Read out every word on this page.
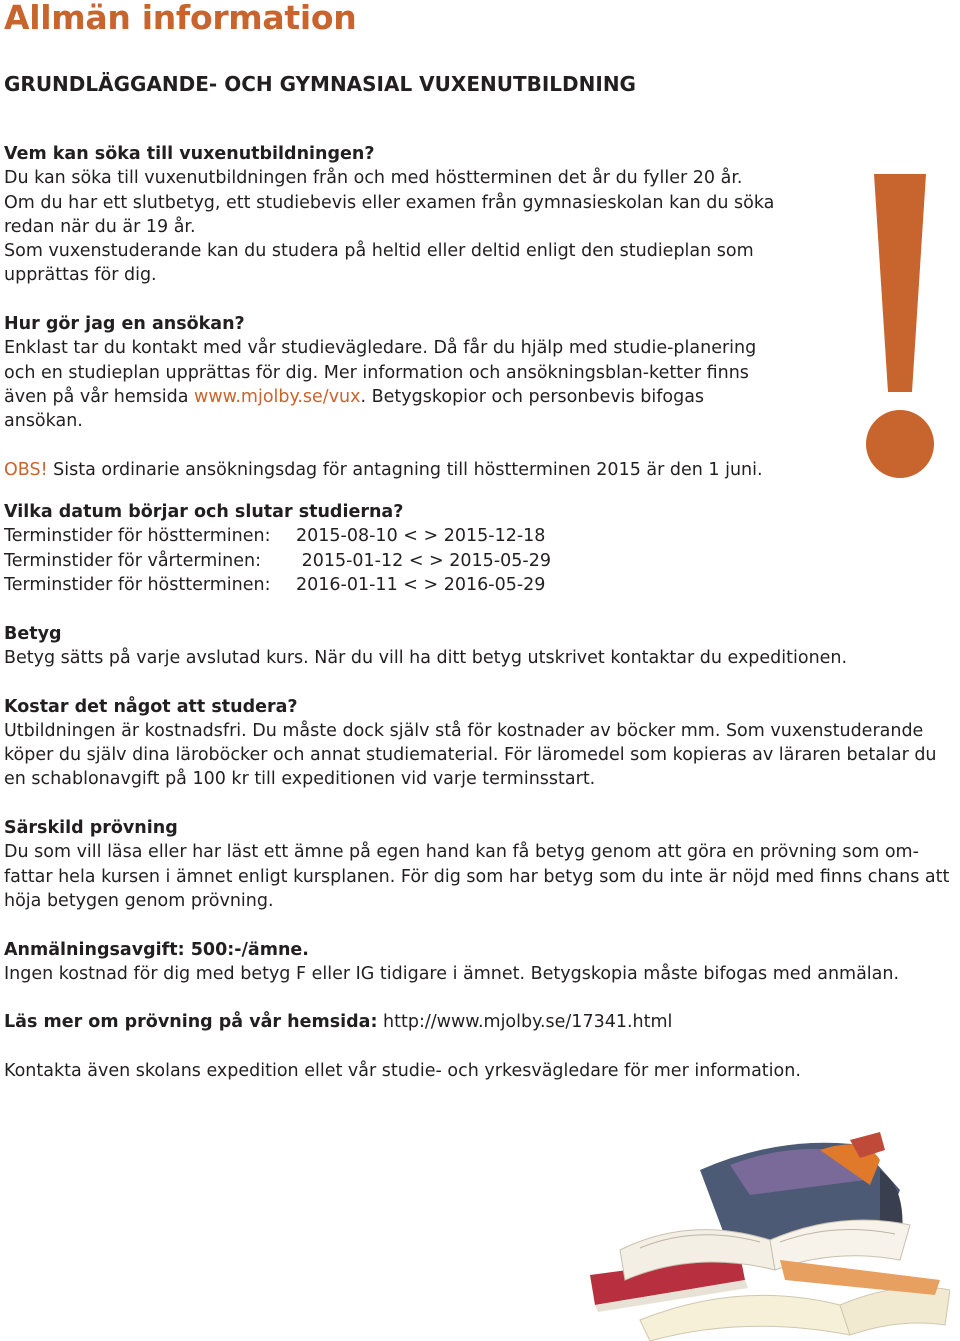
Allmän information
GRUNDLÄGGANDE- OCH GYMNASIAL VUXENUTBILDNING

Vem kan söka till vuxenutbildningen?
Du kan söka till vuxenutbildningen från och med höstterminen det år du fyller 20 år.
Om du har ett slutbetyg, ett studiebevis eller examen från gymnasieskolan kan du söka redan när du är 19 år.
Som vuxenstuderande kan du studera på heltid eller deltid enligt den studieplan som upprättas för dig.

Hur gör jag en ansökan?
Enklast tar du kontakt med vår studievägledare. Då får du hjälp med studie-planering och en studieplan upprättas för dig. Mer information och ansökningsblan-ketter finns även på vår hemsida www.mjolby.se/vux. Betygskopior och personbevis bifogas ansökan.

OBS! Sista ordinarie ansökningsdag för antagning till höstterminen 2015 är den 1 juni.

Vilka datum börjar och slutar studierna?
Terminstider för höstterminen:	2015-08-10 < > 2015-12-18
Terminstider för vårterminen:	2015-01-12 < > 2015-05-29
Terminstider för höstterminen:	2016-01-11 < > 2016-05-29

Betyg
Betyg sätts på varje avslutad kurs. När du vill ha ditt betyg utskrivet kontaktar du expeditionen.

Kostar det något att studera?
Utbildningen är kostnadsfri. Du måste dock själv stå för kostnader av böcker mm. Som vuxenstuderande köper du själv dina läroböcker och annat studiematerial. För läromedel som kopieras av läraren betalar du en schablonavgift på 100 kr till expeditionen vid varje terminsstart.

Särskild prövning
Du som vill läsa eller har läst ett ämne på egen hand kan få betyg genom att göra en prövning som om-fattar hela kursen i ämnet enligt kursplanen. För dig som har betyg som du inte är nöjd med finns chans att höja betygen genom prövning.

Anmälningsavgift: 500:-/ämne.
Ingen kostnad för dig med betyg F eller IG tidigare i ämnet. Betygskopia måste bifogas med anmälan.

Läs mer om prövning på vår hemsida: http://www.mjolby.se/17341.html

Kontakta även skolans expedition ellet vår studie- och yrkesvägledare för mer information.
